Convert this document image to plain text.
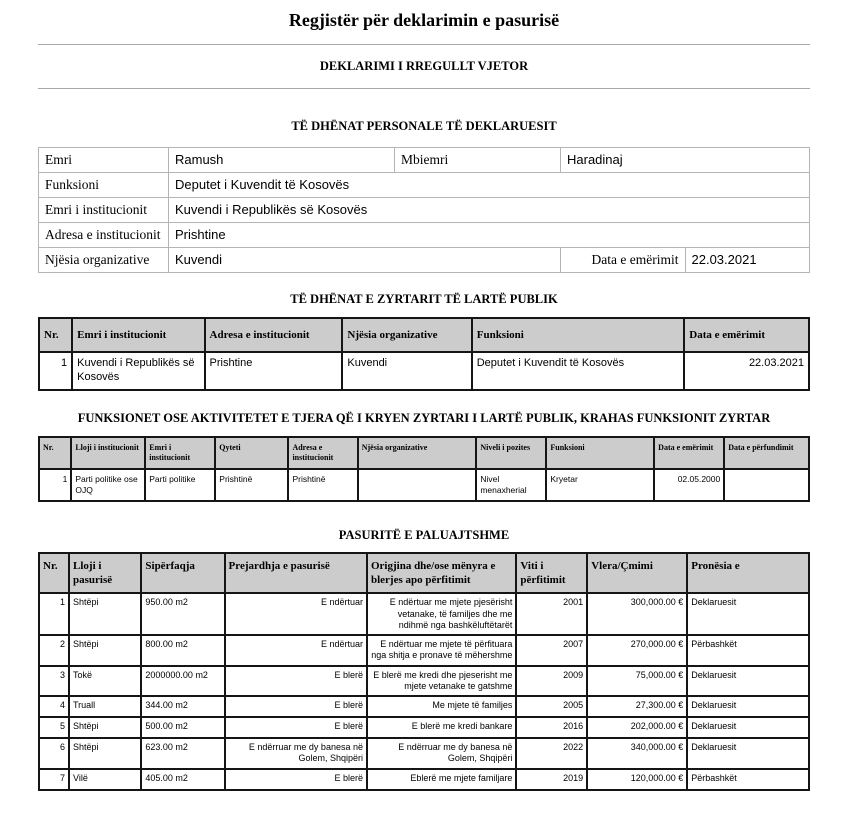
Regjistër për deklarimin e pasurisë
DEKLARIMI I RREGULLT VJETOR
TË DHËNAT PERSONALE TË DEKLARUESIT
Emri	Ramush	Mbiemri	Haradinaj	
Funksioni	Deputet i Kuvendit të Kosovës			
Emri i institucionit	Kuvendi i Republikës së Kosovës			
Adresa e institucionit	Prishtine			
Njësia organizative	Kuvendi		Data e emërimit	22.03.2021
TË DHËNAT E ZYRTARIT TË LARTË PUBLIK
Nr.	Emri i institucionit	Adresa e institucionit	Njësia organizative	Funksioni	Data e emërimit
1	Kuvendi i Republikës së Kosovës	Prishtine	Kuvendi	Deputet i Kuvendit të Kosovës	22.03.2021
FUNKSIONET OSE AKTIVITETET E TJERA QË I KRYEN ZYRTARI I LARTË PUBLIK, KRAHAS FUNKSIONIT ZYRTAR
Nr.	Lloji i institucionit	Emri i institucionit	Qyteti	Adresa e institucionit	Njësia organizative	Niveli i pozites	Funksioni	Data e emërimit	Data e përfundimit
1	Parti politike ose OJQ	Parti politike	Prishtinë	Prishtinë		Nivel menaxherial	Kryetar	02.05.2000	
PASURITË E PALUAJTSHME
Nr.	Lloji i pasurisë	Sipërfaqja	Prejardhja e pasurisë	Origjina dhe/ose mënyra e blerjes apo përfitimit	Viti i përfitimit	Vlera/Çmimi	Pronësia e
1	Shtëpi	950.00 m2	E ndërtuar	E ndërtuar me mjete pjesërisht vetanake, të familjes dhe me ndihmë nga bashkëluftëtarët	2001	300,000.00 €	Deklaruesit
2	Shtëpi	800.00 m2	E ndërtuar	E ndërtuar me mjete të përfituara nga shitja e pronave të mëhershme	2007	270,000.00 €	Përbashkët
3	Tokë	2000000.00 m2	E blerë	E blerë me kredi dhe pjeserisht me mjete vetanake te gatshme	2009	75,000.00 €	Deklaruesit
4	Truall	344.00 m2	E blerë	Me mjete të familjes	2005	27,300.00 €	Deklaruesit
5	Shtëpi	500.00 m2	E blerë	E blerë me kredi bankare	2016	202,000.00 €	Deklaruesit
6	Shtëpi	623.00 m2	E ndërruar me dy banesa në Golem, Shqipëri	E ndërruar me dy banesa në Golem, Shqipëri	2022	340,000.00 €	Deklaruesit
7	Vilë	405.00 m2	E blerë	Eblerë me mjete familjare	2019	120,000.00 €	Përbashkët
